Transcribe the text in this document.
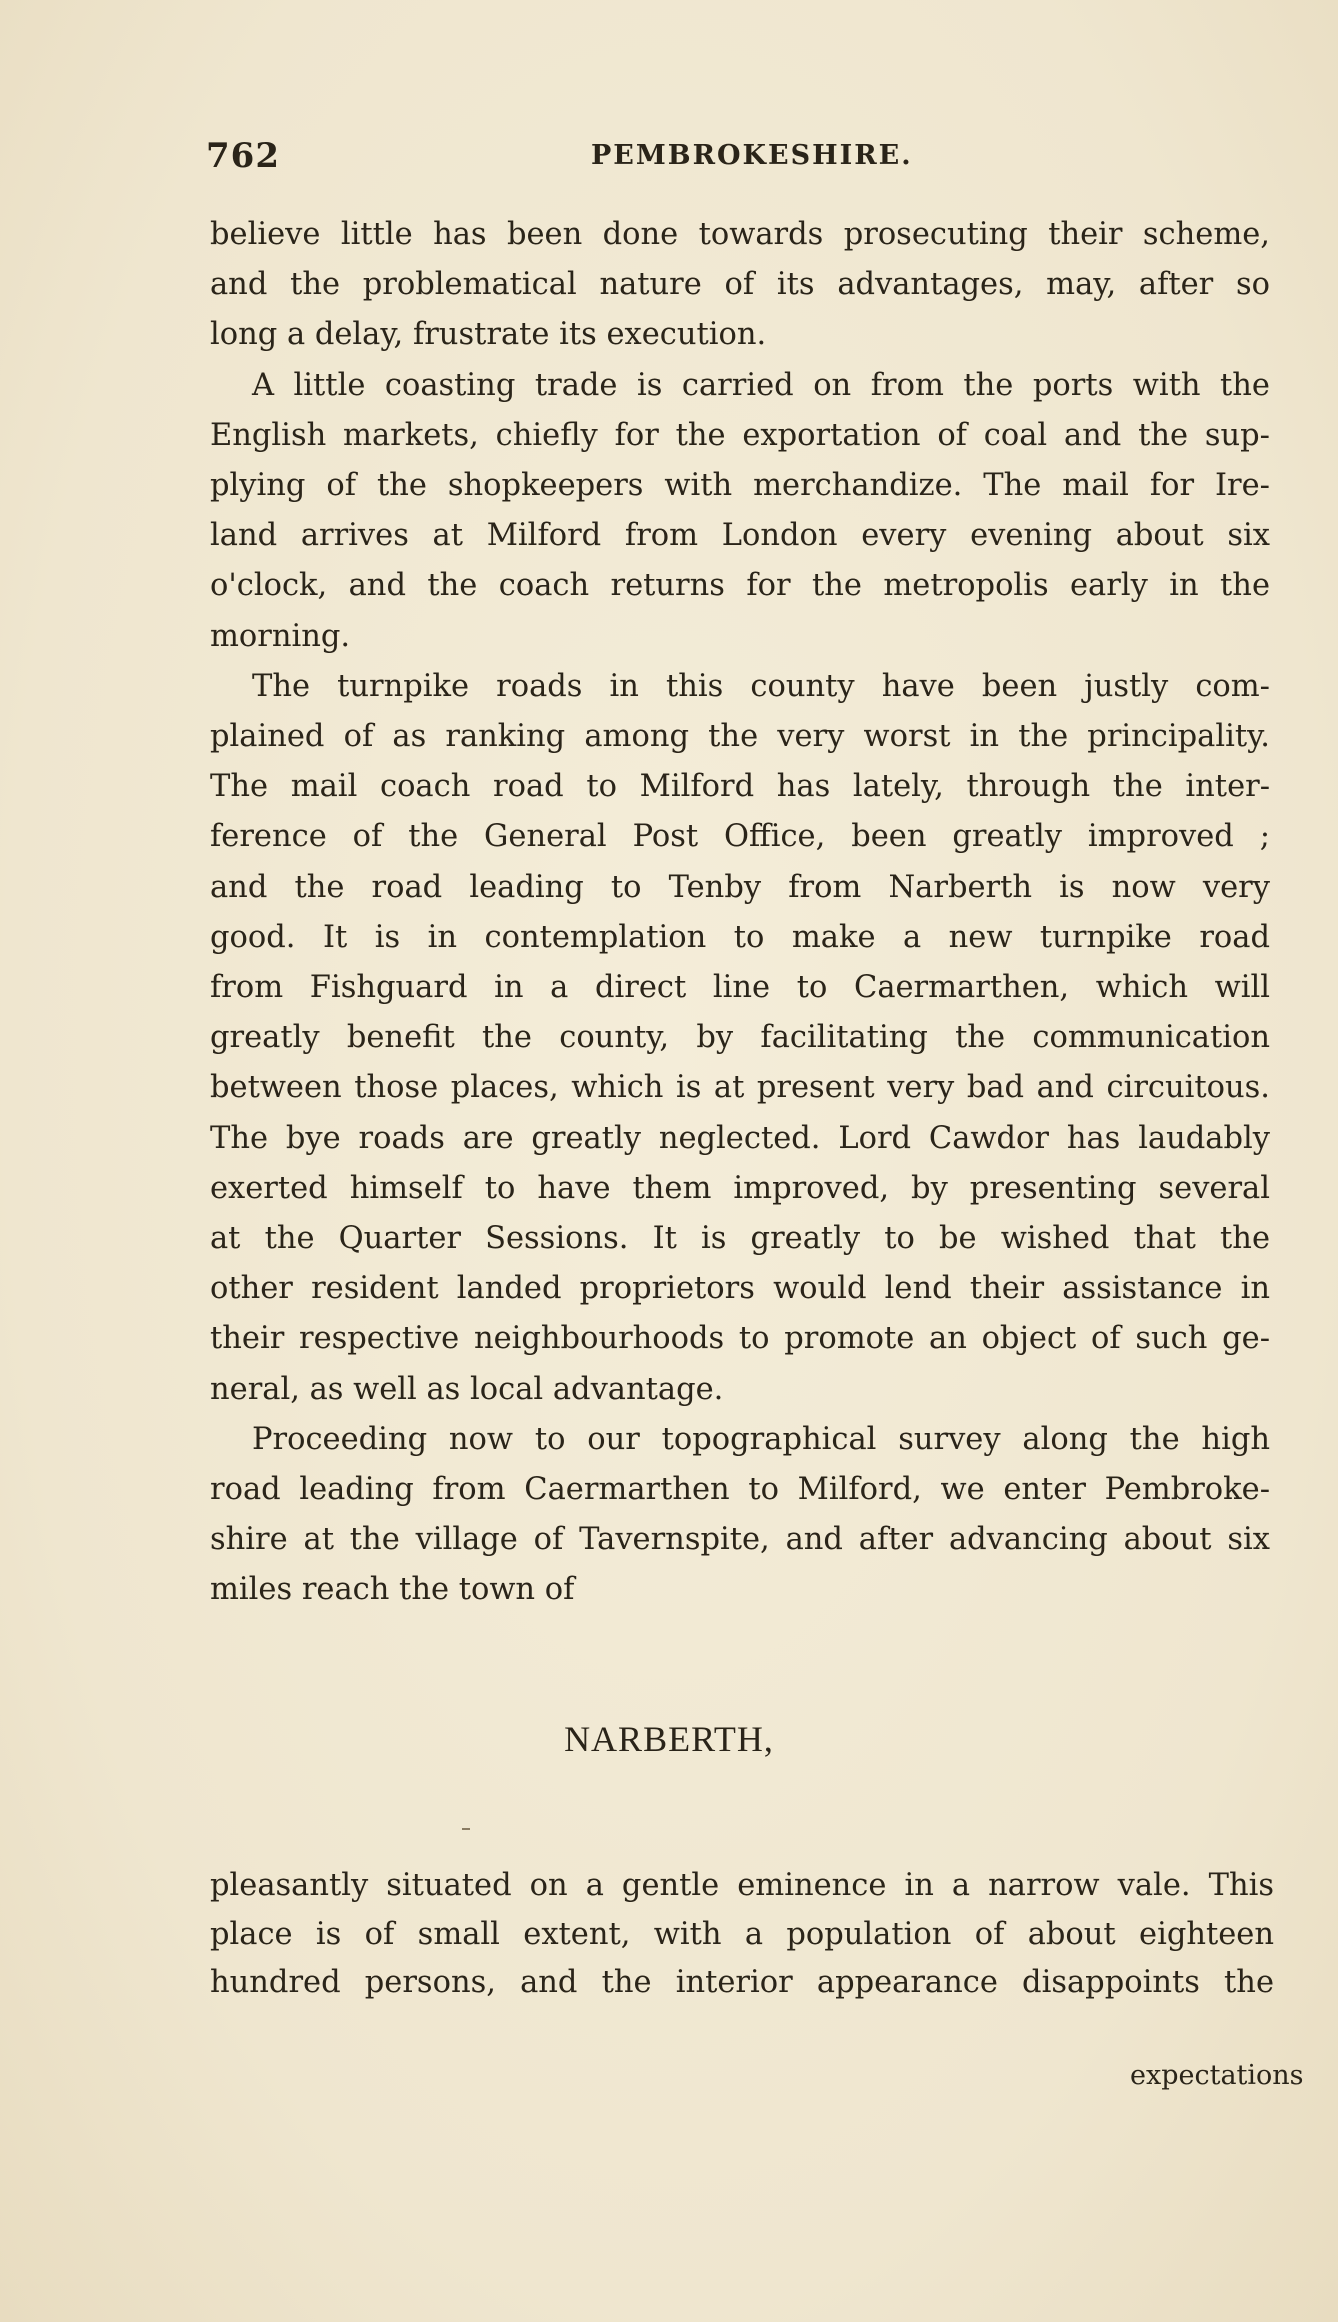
762	PEMBROKESHIRE.
believe little has been done towards prosecuting their scheme,
and the problematical nature of its advantages, may, after so
long a delay, frustrate its execution.
A little coasting trade is carried on from the ports with the
English markets, chiefly for the exportation of coal and the sup-
plying of the shopkeepers with merchandize. The mail for Ire-
land arrives at Milford from London every evening about six
o'clock, and the coach returns for the metropolis early in the
morning.
The turnpike roads in this county have been justly com-
plained of as ranking among the very worst in the principality.
The mail coach road to Milford has lately, through the inter-
ference of the General Post Office, been greatly improved ;
and the road leading to Tenby from Narberth is now very
good. It is in contemplation to make a new turnpike road
from Fishguard in a direct line to Caermarthen, which will
greatly benefit the county, by facilitating the communication
between those places, which is at present very bad and circuitous.
The bye roads are greatly neglected. Lord Cawdor has laudably
exerted himself to have them improved, by presenting several
at the Quarter Sessions. It is greatly to be wished that the
other resident landed proprietors would lend their assistance in
their respective neighbourhoods to promote an object of such ge-
neral, as well as local advantage.
Proceeding now to our topographical survey along the high
road leading from Caermarthen to Milford, we enter Pembroke-
shire at the village of Tavernspite, and after advancing about six
miles reach the town of
NARBERTH,
pleasantly situated on a gentle eminence in a narrow vale. This
place is of small extent, with a population of about eighteen
hundred persons, and the interior appearance disappoints the
expectations
